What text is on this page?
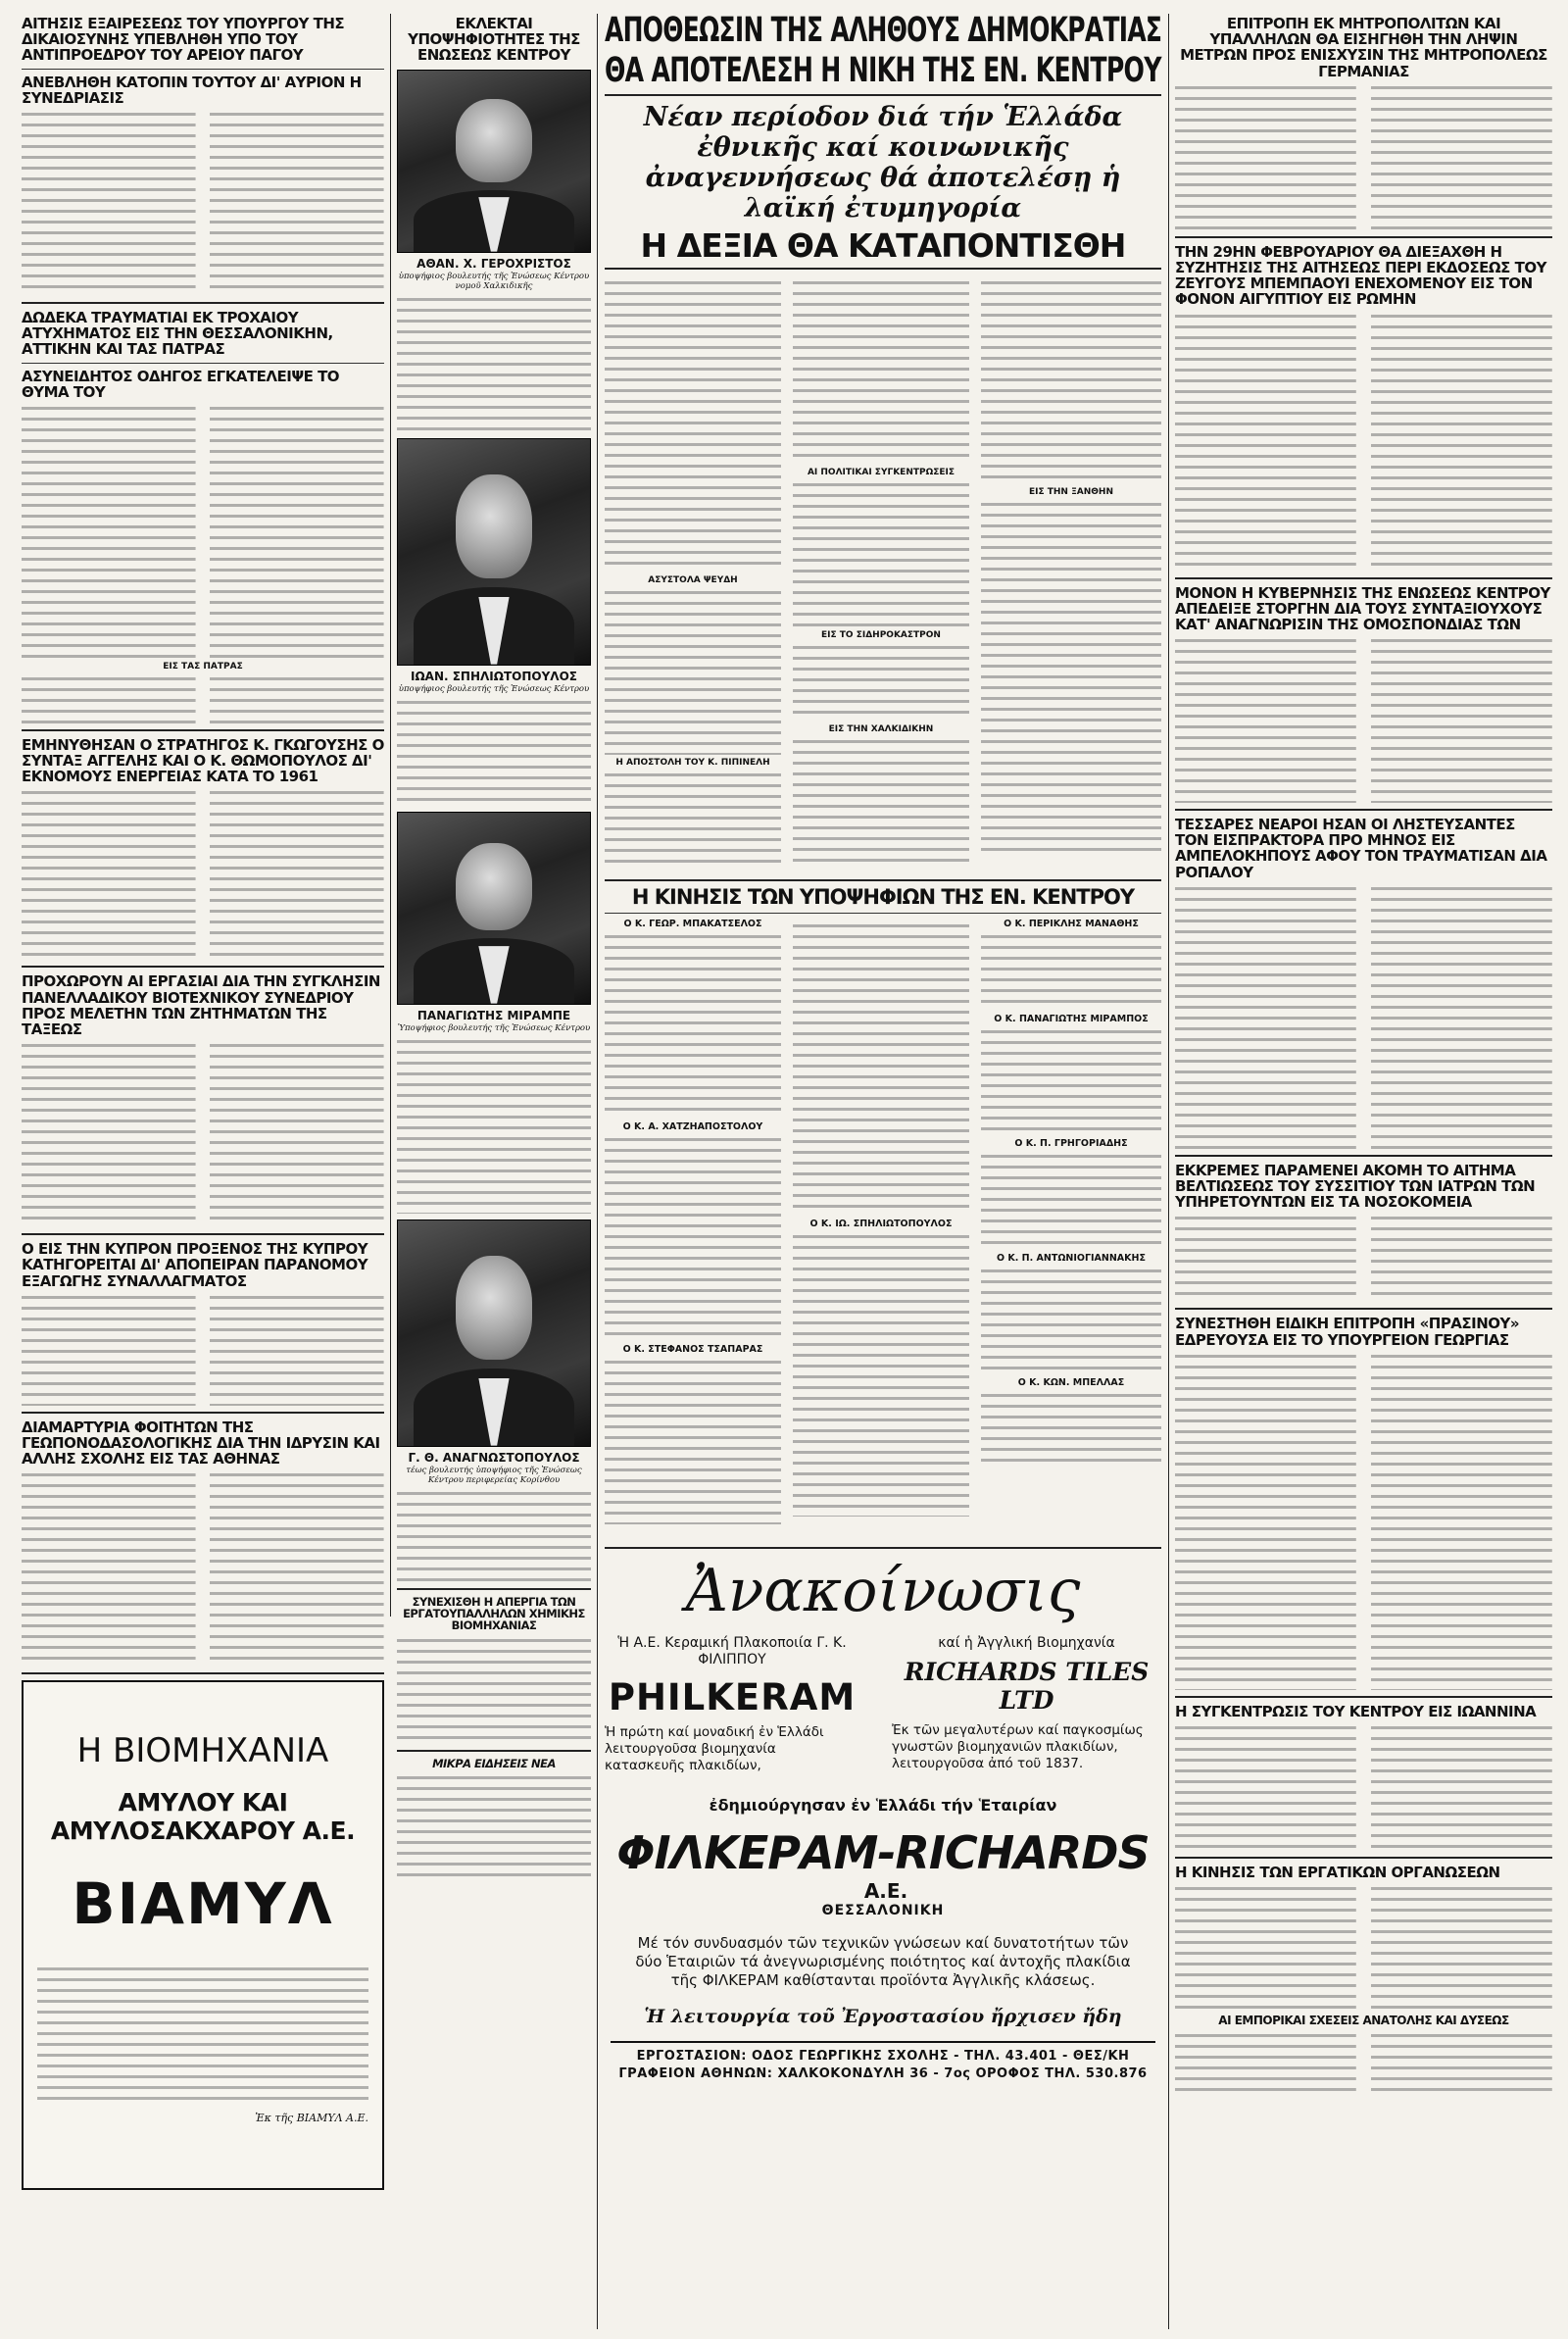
ΑΙΤΗΣΙΣ ΕΞΑΙΡΕΣΕΩΣ ΤΟΥ ΥΠΟΥΡΓΟΥ ΤΗΣ ΔΙΚΑΙΟΣΥΝΗΣ ΥΠΕΒΛΗΘΗ ΥΠΟ ΤΟΥ ΑΝΤΙΠΡΟΕΔΡΟΥ ΤΟΥ ΑΡΕΙΟΥ ΠΑΓΟΥ
ΑΝΕΒΛΗΘΗ ΚΑΤΟΠΙΝ ΤΟΥΤΟΥ ΔΙ' ΑΥΡΙΟΝ Η ΣΥΝΕΔΡΙΑΣΙΣ
ΔΩΔΕΚΑ ΤΡΑΥΜΑΤΙΑΙ ΕΚ ΤΡΟΧΑΙΟΥ ΑΤΥΧΗΜΑΤΟΣ ΕΙΣ ΤΗΝ ΘΕΣΣΑΛΟΝΙΚΗΝ, ΑΤΤΙΚΗΝ ΚΑΙ ΤΑΣ ΠΑΤΡΑΣ
ΑΣΥΝΕΙΔΗΤΟΣ ΟΔΗΓΟΣ ΕΓΚΑΤΕΛΕΙΨΕ ΤΟ ΘΥΜΑ ΤΟΥ
ΕΙΣ ΤΑΣ ΠΑΤΡΑΣ
ΕΜΗΝΥΘΗΣΑΝ Ο ΣΤΡΑΤΗΓΟΣ Κ. ΓΚΩΓΟΥΣΗΣ Ο ΣΥΝΤΑΞ ΑΓΓΕΛΗΣ ΚΑΙ Ο Κ. ΘΩΜΟΠΟΥΛΟΣ ΔΙ' ΕΚΝΟΜΟΥΣ ΕΝΕΡΓΕΙΑΣ ΚΑΤΑ ΤΟ 1961
ΠΡΟΧΩΡΟΥΝ ΑΙ ΕΡΓΑΣΙΑΙ ΔΙΑ ΤΗΝ ΣΥΓΚΛΗΣΙΝ ΠΑΝΕΛΛΑΔΙΚΟΥ ΒΙΟΤΕΧΝΙΚΟΥ ΣΥΝΕΔΡΙΟΥ ΠΡΟΣ ΜΕΛΕΤΗΝ ΤΩΝ ΖΗΤΗΜΑΤΩΝ ΤΗΣ ΤΑΞΕΩΣ
Ο ΕΙΣ ΤΗΝ ΚΥΠΡΟΝ ΠΡΟΞΕΝΟΣ ΤΗΣ ΚΥΠΡΟΥ ΚΑΤΗΓΟΡΕΙΤΑΙ ΔΙ' ΑΠΟΠΕΙΡΑΝ ΠΑΡΑΝΟΜΟΥ ΕΞΑΓΩΓΗΣ ΣΥΝΑΛΛΑΓΜΑΤΟΣ
ΔΙΑΜΑΡΤΥΡΙΑ ΦΟΙΤΗΤΩΝ ΤΗΣ ΓΕΩΠΟΝΟΔΑΣΟΛΟΓΙΚΗΣ ΔΙΑ ΤΗΝ ΙΔΡΥΣΙΝ ΚΑΙ ΑΛΛΗΣ ΣΧΟΛΗΣ ΕΙΣ ΤΑΣ ΑΘΗΝΑΣ
Η ΒΙΟΜΗΧΑΝΙΑ
ΑΜΥΛΟΥ ΚΑΙ ΑΜΥΛΟΣΑΚΧΑΡΟΥ Α.Ε.
ΒΙΑΜΥΛ
Ἐκ τῆς ΒΙΑΜΥΛ Α.Ε.
ΕΚΛΕΚΤΑΙ ΥΠΟΨΗΦΙΟΤΗΤΕΣ ΤΗΣ ΕΝΩΣΕΩΣ ΚΕΝΤΡΟΥ
ΑΘΑΝ. Χ. ΓΕΡΟΧΡΙΣΤΟΣ
ὑποψήφιος βουλευτής τῆς Ἑνώσεως Κέντρου νομοῦ Χαλκιδικῆς
ΙΩΑΝ. ΣΠΗΛΙΩΤΟΠΟΥΛΟΣ
ὑποψήφιος βουλευτής τῆς Ἑνώσεως Κέντρου
ΠΑΝΑΓΙΩΤΗΣ ΜΙΡΑΜΠΕ
Ὑποψήφιος βουλευτής τῆς Ἑνώσεως Κέντρου
Γ. Θ. ΑΝΑΓΝΩΣΤΟΠΟΥΛΟΣ
τέως βουλευτής ὑποψήφιος τῆς Ἑνώσεως Κέντρου περιφερείας Κορίνθου
ΣΥΝΕΧΙΣΘΗ Η ΑΠΕΡΓΙΑ ΤΩΝ ΕΡΓΑΤΟΥΠΑΛΛΗΛΩΝ ΧΗΜΙΚΗΣ ΒΙΟΜΗΧΑΝΙΑΣ
ΜΙΚΡΑ ΕΙΔΗΣΕΙΣ ΝΕΑ
ΑΠΟΘΕΩΣΙΝ ΤΗΣ ΑΛΗΘΟΥΣ ΔΗΜΟΚΡΑΤΙΑΣ
ΘΑ ΑΠΟΤΕΛΕΣΗ Η ΝΙΚΗ ΤΗΣ ΕΝ. ΚΕΝΤΡΟΥ
Νέαν περίοδον διά τήν Ἑλλάδα ἐθνικῆς καί κοινωνικῆς ἀναγεννήσεως θά ἀποτελέσῃ ἡ λαϊκή ἐτυμηγορία
Η ΔΕΞΙΑ ΘΑ ΚΑΤΑΠΟΝΤΙΣΘΗ
ΑΣΥΣΤΟΛΑ ΨΕΥΔΗ
Η ΑΠΟΣΤΟΛΗ ΤΟΥ Κ. ΠΙΠΙΝΕΛΗ
ΑΙ ΠΟΛΙΤΙΚΑΙ ΣΥΓΚΕΝΤΡΩΣΕΙΣ
ΕΙΣ ΤΟ ΣΙΔΗΡΟΚΑΣΤΡΟΝ
ΕΙΣ ΤΗΝ ΧΑΛΚΙΔΙΚΗΝ
ΕΙΣ ΤΗΝ ΞΑΝΘΗΝ
Η ΚΙΝΗΣΙΣ ΤΩΝ ΥΠΟΨΗΦΙΩΝ ΤΗΣ ΕΝ. ΚΕΝΤΡΟΥ
Ο Κ. ΓΕΩΡ. ΜΠΑΚΑΤΣΕΛΟΣ
Ο Κ. Α. ΧΑΤΖΗΑΠΟΣΤΟΛΟΥ
Ο Κ. ΣΤΕΦΑΝΟΣ ΤΣΑΠΑΡΑΣ
Ο Κ. ΙΩ. ΣΠΗΛΙΩΤΟΠΟΥΛΟΣ
Ο Κ. ΠΕΡΙΚΛΗΣ ΜΑΝΑΘΗΣ
Ο Κ. ΠΑΝΑΓΙΩΤΗΣ ΜΙΡΑΜΠΟΣ
Ο Κ. Π. ΓΡΗΓΟΡΙΑΔΗΣ
Ο Κ. Π. ΑΝΤΩΝΙΟΓΙΑΝΝΑΚΗΣ
Ο Κ. ΚΩΝ. ΜΠΕΛΛΑΣ
Ἀνακοίνωσις
Ἡ Α.Ε. Κεραμική Πλακοποιία Γ. Κ. ΦΙΛΙΠΠΟΥ
PHILKERAM
Ἡ πρώτη καί μοναδική ἐν Ἑλλάδι λειτουργοῦσα βιομηχανία κατασκευῆς πλακιδίων,
καί ἡ Ἀγγλική Βιομηχανία
RICHARDS TILES LTD
Ἐκ τῶν μεγαλυτέρων καί παγκοσμίως γνωστῶν βιομηχανιῶν πλακιδίων, λειτουργοῦσα ἀπό τοῦ 1837.
ἐδημιούργησαν ἐν Ἑλλάδι τήν Ἑταιρίαν
ΦΙΛΚΕΡΑΜ-RICHARDS Α.Ε.
ΘΕΣΣΑΛΟΝΙΚΗ
Μέ τόν συνδυασμόν τῶν τεχνικῶν γνώσεων καί δυνατοτήτων τῶν δύο Ἑταιριῶν τά ἀνεγνωρισμένης ποιότητος καί ἀντοχῆς πλακίδια τῆς ΦΙΛΚΕΡΑΜ καθίστανται προϊόντα Ἀγγλικῆς κλάσεως.
Ἡ λειτουργία τοῦ Ἐργοστασίου ἤρχισεν ἤδη
ΕΡΓΟΣΤΑΣΙΟΝ: ΟΔΟΣ ΓΕΩΡΓΙΚΗΣ ΣΧΟΛΗΣ - ΤΗΛ. 43.401 - ΘΕΣ/ΚΗ
ΓΡΑΦΕΙΟΝ ΑΘΗΝΩΝ: ΧΑΛΚΟΚΟΝΔΥΛΗ 36 - 7ος ΟΡΟΦΟΣ ΤΗΛ. 530.876
ΕΠΙΤΡΟΠΗ ΕΚ ΜΗΤΡΟΠΟΛΙΤΩΝ ΚΑΙ ΥΠΑΛΛΗΛΩΝ ΘΑ ΕΙΣΗΓΗΘΗ ΤΗΝ ΛΗΨΙΝ ΜΕΤΡΩΝ ΠΡΟΣ ΕΝΙΣΧΥΣΙΝ ΤΗΣ ΜΗΤΡΟΠΟΛΕΩΣ ΓΕΡΜΑΝΙΑΣ
ΤΗΝ 29ΗΝ ΦΕΒΡΟΥΑΡΙΟΥ ΘΑ ΔΙΕΞΑΧΘΗ Η ΣΥΖΗΤΗΣΙΣ ΤΗΣ ΑΙΤΗΣΕΩΣ ΠΕΡΙ ΕΚΔΟΣΕΩΣ ΤΟΥ ΖΕΥΓΟΥΣ ΜΠΕΜΠΑΟΥΙ ΕΝΕΧΟΜΕΝΟΥ ΕΙΣ ΤΟΝ ΦΟΝΟΝ ΑΙΓΥΠΤΙΟΥ ΕΙΣ ΡΩΜΗΝ
ΜΟΝΟΝ Η ΚΥΒΕΡΝΗΣΙΣ ΤΗΣ ΕΝΩΣΕΩΣ ΚΕΝΤΡΟΥ ΑΠΕΔΕΙΞΕ ΣΤΟΡΓΗΝ ΔΙΑ ΤΟΥΣ ΣΥΝΤΑΞΙΟΥΧΟΥΣ ΚΑΤ' ΑΝΑΓΝΩΡΙΣΙΝ ΤΗΣ ΟΜΟΣΠΟΝΔΙΑΣ ΤΩΝ
ΤΕΣΣΑΡΕΣ ΝΕΑΡΟΙ ΗΣΑΝ ΟΙ ΛΗΣΤΕΥΣΑΝΤΕΣ ΤΟΝ ΕΙΣΠΡΑΚΤΟΡΑ ΠΡΟ ΜΗΝΟΣ ΕΙΣ ΑΜΠΕΛΟΚΗΠΟΥΣ ΑΦΟΥ ΤΟΝ ΤΡΑΥΜΑΤΙΣΑΝ ΔΙΑ ΡΟΠΑΛΟΥ
ΕΚΚΡΕΜΕΣ ΠΑΡΑΜΕΝΕΙ ΑΚΟΜΗ ΤΟ ΑΙΤΗΜΑ ΒΕΛΤΙΩΣΕΩΣ ΤΟΥ ΣΥΣΣΙΤΙΟΥ ΤΩΝ ΙΑΤΡΩΝ ΤΩΝ ΥΠΗΡΕΤΟΥΝΤΩΝ ΕΙΣ ΤΑ ΝΟΣΟΚΟΜΕΙΑ
ΣΥΝΕΣΤΗΘΗ ΕΙΔΙΚΗ ΕΠΙΤΡΟΠΗ «ΠΡΑΣΙΝΟΥ» ΕΔΡΕΥΟΥΣΑ ΕΙΣ ΤΟ ΥΠΟΥΡΓΕΙΟΝ ΓΕΩΡΓΙΑΣ
Η ΣΥΓΚΕΝΤΡΩΣΙΣ ΤΟΥ ΚΕΝΤΡΟΥ ΕΙΣ ΙΩΑΝΝΙΝΑ
Η ΚΙΝΗΣΙΣ ΤΩΝ ΕΡΓΑΤΙΚΩΝ ΟΡΓΑΝΩΣΕΩΝ
ΑΙ ΕΜΠΟΡΙΚΑΙ ΣΧΕΣΕΙΣ ΑΝΑΤΟΛΗΣ ΚΑΙ ΔΥΣΕΩΣ
